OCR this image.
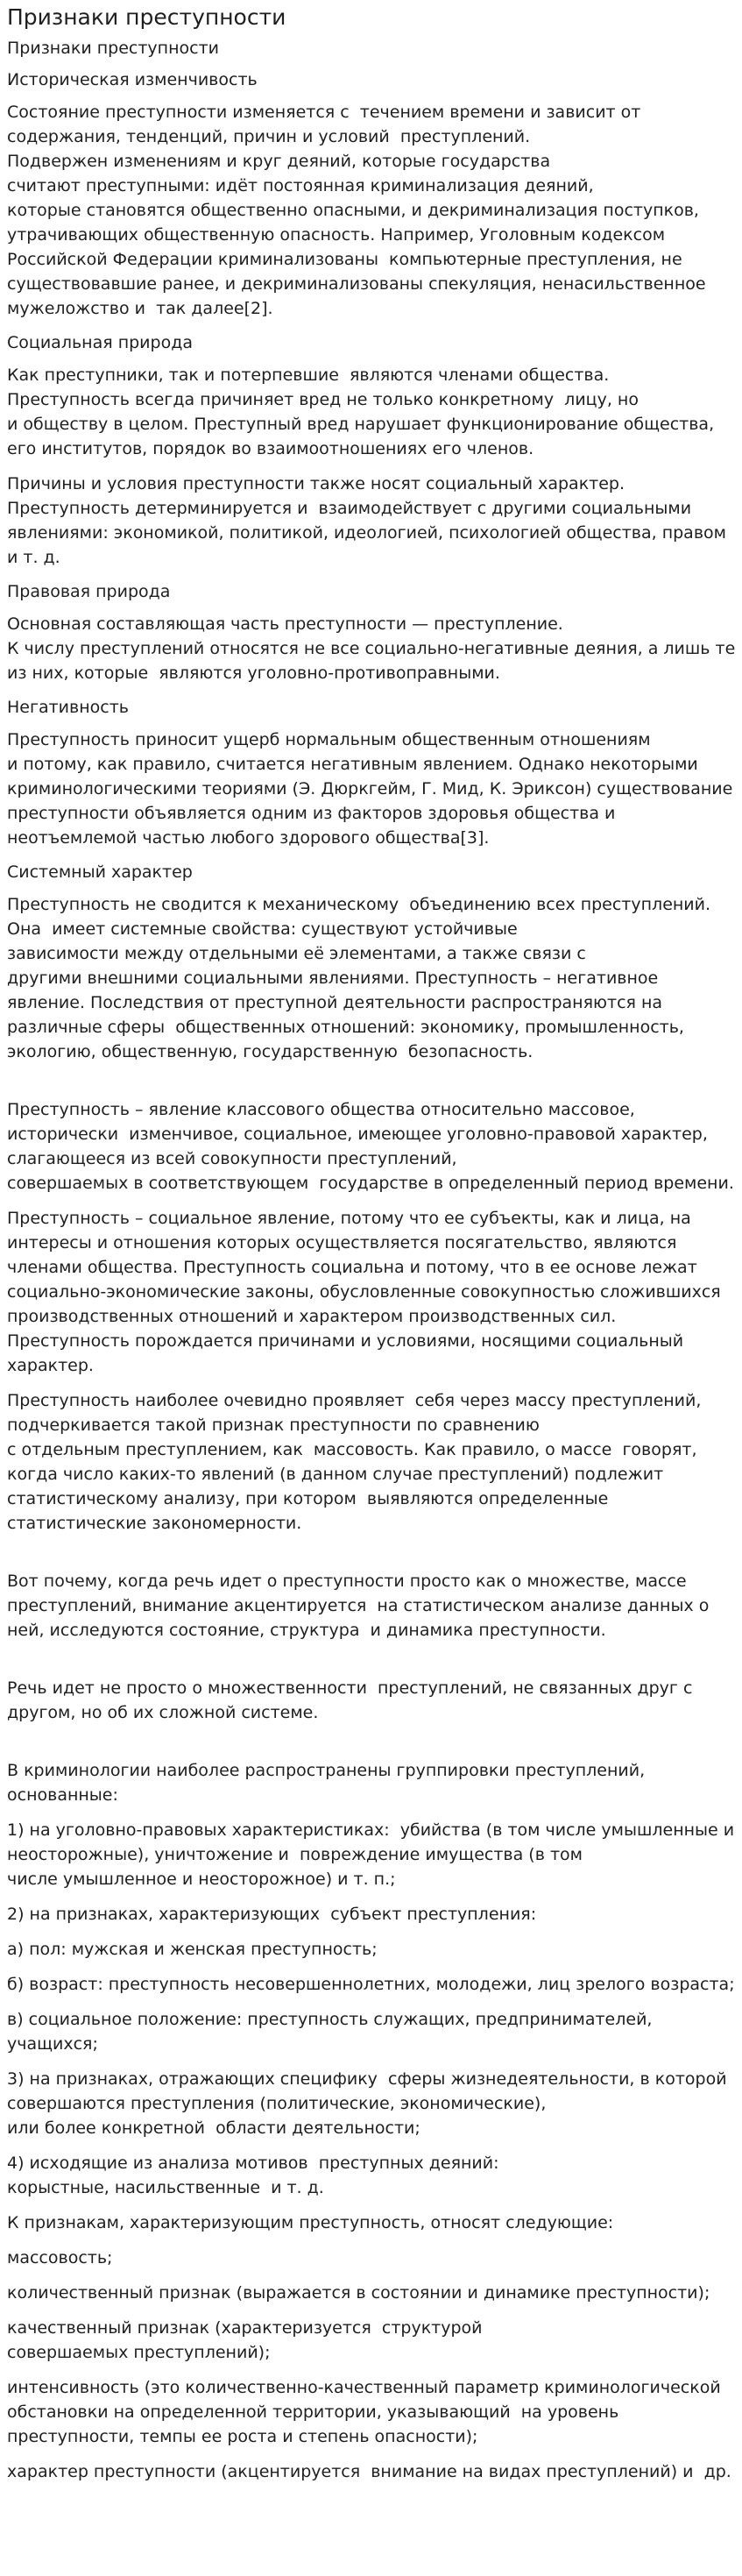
Признаки преступности
Признаки преступности
Историческая изменчивость

Состояние преступности изменяется с  течением времени и зависит от содержания, тенденций, причин и условий  преступлений.
Подвержен изменениям и круг деяний, которые государства
считают преступными: идёт постоянная криминализация деяний,
которые становятся общественно опасными, и декриминализация поступков, утрачивающих общественную опасность. Например, Уголовным кодексом Российской Федерации криминализованы  компьютерные преступления, не существовавшие ранее, и декриминализованы спекуляция, ненасильственное мужеложство и  так далее[2].

Социальная природа

Как преступники, так и потерпевшие  являются членами общества. Преступность всегда причиняет вред не только конкретному  лицу, но
и обществу в целом. Преступный вред нарушает функционирование общества, его институтов, порядок во взаимоотношениях его членов.

Причины и условия преступности также носят социальный характер. Преступность детерминируется и  взаимодействует с другими социальными явлениями: экономикой, политикой, идеологией, психологией общества, правом и т. д.

Правовая природа

Основная составляющая часть преступности — преступление.
К числу преступлений относятся не все социально-негативные деяния, а лишь те из них, которые  являются уголовно-противоправными.

Негативность

Преступность приносит ущерб нормальным общественным отношениям
и потому, как правило, считается негативным явлением. Однако некоторыми криминологическими теориями (Э. Дюркгейм, Г. Мид, К. Эриксон) существование преступности объявляется одним из факторов здоровья общества и неотъемлемой частью любого здорового общества[3].

Системный характер

Преступность не сводится к механическому  объединению всех преступлений. Она  имеет системные свойства: существуют устойчивые
зависимости между отдельными её элементами, а также связи с
другими внешними социальными явлениями. Преступность – негативное явление. Последствия от преступной деятельности распространяются на различные сферы  общественных отношений: экономику, промышленность, экологию, общественную, государственную  безопасность.

Преступность – явление классового общества относительно массовое, исторически  изменчивое, социальное, имеющее уголовно-правовой характер, слагающееся из всей совокупности преступлений,
совершаемых в соответствующем  государстве в определенный период времени.

Преступность – социальное явление, потому что ее субъекты, как и лица, на интересы и отношения которых осуществляется посягательство, являются членами общества. Преступность социальна и потому, что в ее основе лежат социально-экономические законы, обусловленные совокупностью сложившихся производственных отношений и характером производственных сил. Преступность порождается причинами и условиями, носящими социальный характер.

Преступность наиболее очевидно проявляет  себя через массу преступлений, подчеркивается такой признак преступности по сравнению
с отдельным преступлением, как  массовость. Как правило, о массе  говорят, когда число каких-то явлений (в данном случае преступлений) подлежит статистическому анализу, при котором  выявляются определенные статистические закономерности.

Вот почему, когда речь идет о преступности просто как о множестве, массе преступлений, внимание акцентируется  на статистическом анализе данных о ней, исследуются состояние, структура  и динамика преступности.

Речь идет не просто о множественности  преступлений, не связанных друг с другом, но об их сложной системе.

В криминологии наиболее распространены группировки преступлений, основанные:

1) на уголовно-правовых характеристиках:  убийства (в том числе умышленные и неосторожные), уничтожение и  повреждение имущества (в том
числе умышленное и неосторожное) и т. п.;

2) на признаках, характеризующих  субъект преступления:

а) пол: мужская и женская преступность;

б) возраст: преступность несовершеннолетних, молодежи, лиц зрелого возраста;

в) социальное положение: преступность служащих, предпринимателей, учащихся;

3) на признаках, отражающих специфику  сферы жизнедеятельности, в которой совершаются преступления (политические, экономические),
или более конкретной  области деятельности;

4) исходящие из анализа мотивов  преступных деяний:
корыстные, насильственные  и т. д.

К признакам, характеризующим преступность, относят следующие:

массовость;

количественный признак (выражается в состоянии и динамике преступности);

качественный признак (характеризуется  структурой
совершаемых преступлений);

интенсивность (это количественно-качественный параметр криминологической обстановки на определенной территории, указывающий  на уровень преступности, темпы ее роста и степень опасности);

характер преступности (акцентируется  внимание на видах преступлений) и  др.
